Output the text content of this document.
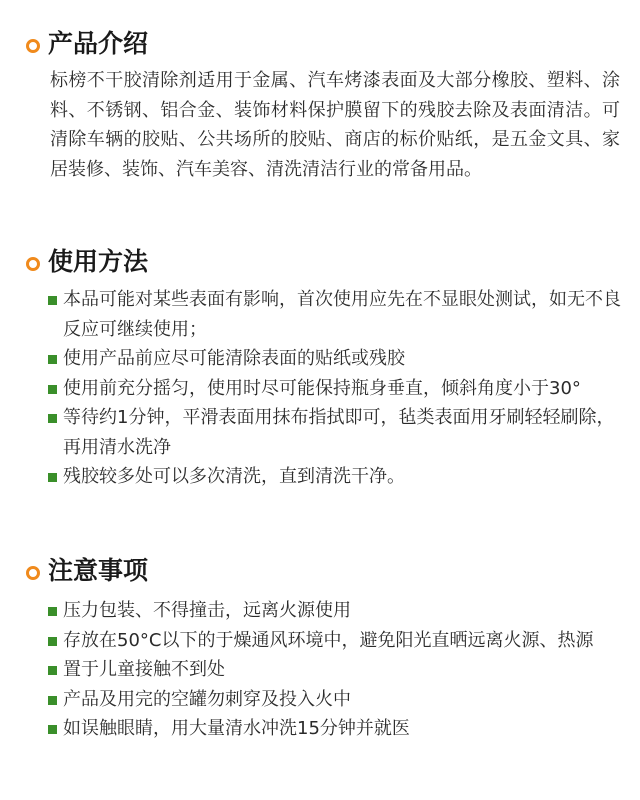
产品介绍
标榜不干胶清除剂适用于金属、汽车烤漆表面及大部分橡胶、塑料、涂料、不锈钢、铝合金、装饰材料保护膜留下的残胶去除及表面清洁。可清除车辆的胶贴、公共场所的胶贴、商店的标价贴纸，是五金文具、家居装修、装饰、汽车美容、清洗清洁行业的常备用品。
使用方法
本品可能对某些表面有影响，首次使用应先在不显眼处测试，如无不良反应可继续使用；
使用产品前应尽可能清除表面的贴纸或残胶
使用前充分摇匀，使用时尽可能保持瓶身垂直，倾斜角度小于30°
等待约1分钟，平滑表面用抹布指拭即可，毡类表面用牙刷轻轻刷除，再用清水洗净
残胶较多处可以多次清洗，直到清洗干净。
注意事项
压力包装、不得撞击，远离火源使用
存放在50°C以下的于燥通风环境中，避免阳光直晒远离火源、热源
置于儿童接触不到处
产品及用完的空罐勿刺穿及投入火中
如误触眼睛，用大量清水冲洗15分钟并就医
